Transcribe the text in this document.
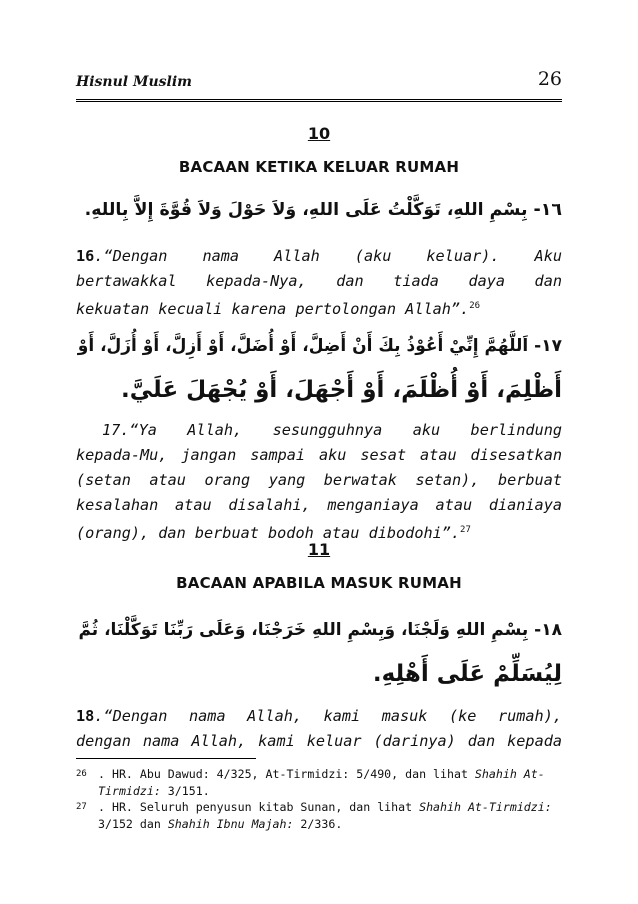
Hisnul Muslim	26
10
BACAAN KETIKA KELUAR RUMAH
١٦- بِسْمِ اللهِ، تَوَكَّلْتُ عَلَى اللهِ، وَلاَ حَوْلَ وَلاَ قُوَّةَ إِلاَّ بِاللهِ.
16.“Dengan nama Allah (aku keluar). Aku
bertawakkal kepada-Nya, dan tiada daya dan
kekuatan kecuali karena pertolongan Allah”.$^{26}$
١٧- اَللَّهُمَّ إِنِّيْ أَعُوْذُ بِكَ أَنْ أَضِلَّ، أَوْ أُضَلَّ، أَوْ أَزِلَّ، أَوْ أُزَلَّ، أَوْ
أَظْلِمَ، أَوْ أُظْلَمَ، أَوْ أَجْهَلَ، أَوْ يُجْهَلَ عَلَيَّ.
17.“Ya Allah, sesungguhnya aku berlindung
kepada-Mu, jangan sampai aku sesat atau disesatkan
(setan atau orang yang berwatak setan), berbuat
kesalahan atau disalahi, menganiaya atau dianiaya
(orang), dan berbuat bodoh atau dibodohi”.$^{27}$
11
BACAAN APABILA MASUK RUMAH
١٨- بِسْمِ اللهِ وَلَجْنَا، وَبِسْمِ اللهِ خَرَجْنَا، وَعَلَى رَبِّنَا تَوَكَّلْنَا، ثُمَّ
لِيُسَلِّمْ عَلَى أَهْلِهِ.
18.“Dengan nama Allah, kami masuk (ke rumah),
dengan nama Allah, kami keluar (darinya) dan kepada
26 . HR. Abu Dawud: 4/325, At-Tirmidzi: 5/490, dan lihat Shahih At-
Tirmidzi: 3/151.
27 . HR. Seluruh penyusun kitab Sunan, dan lihat Shahih At-Tirmidzi:
3/152 dan Shahih Ibnu Majah: 2/336.
